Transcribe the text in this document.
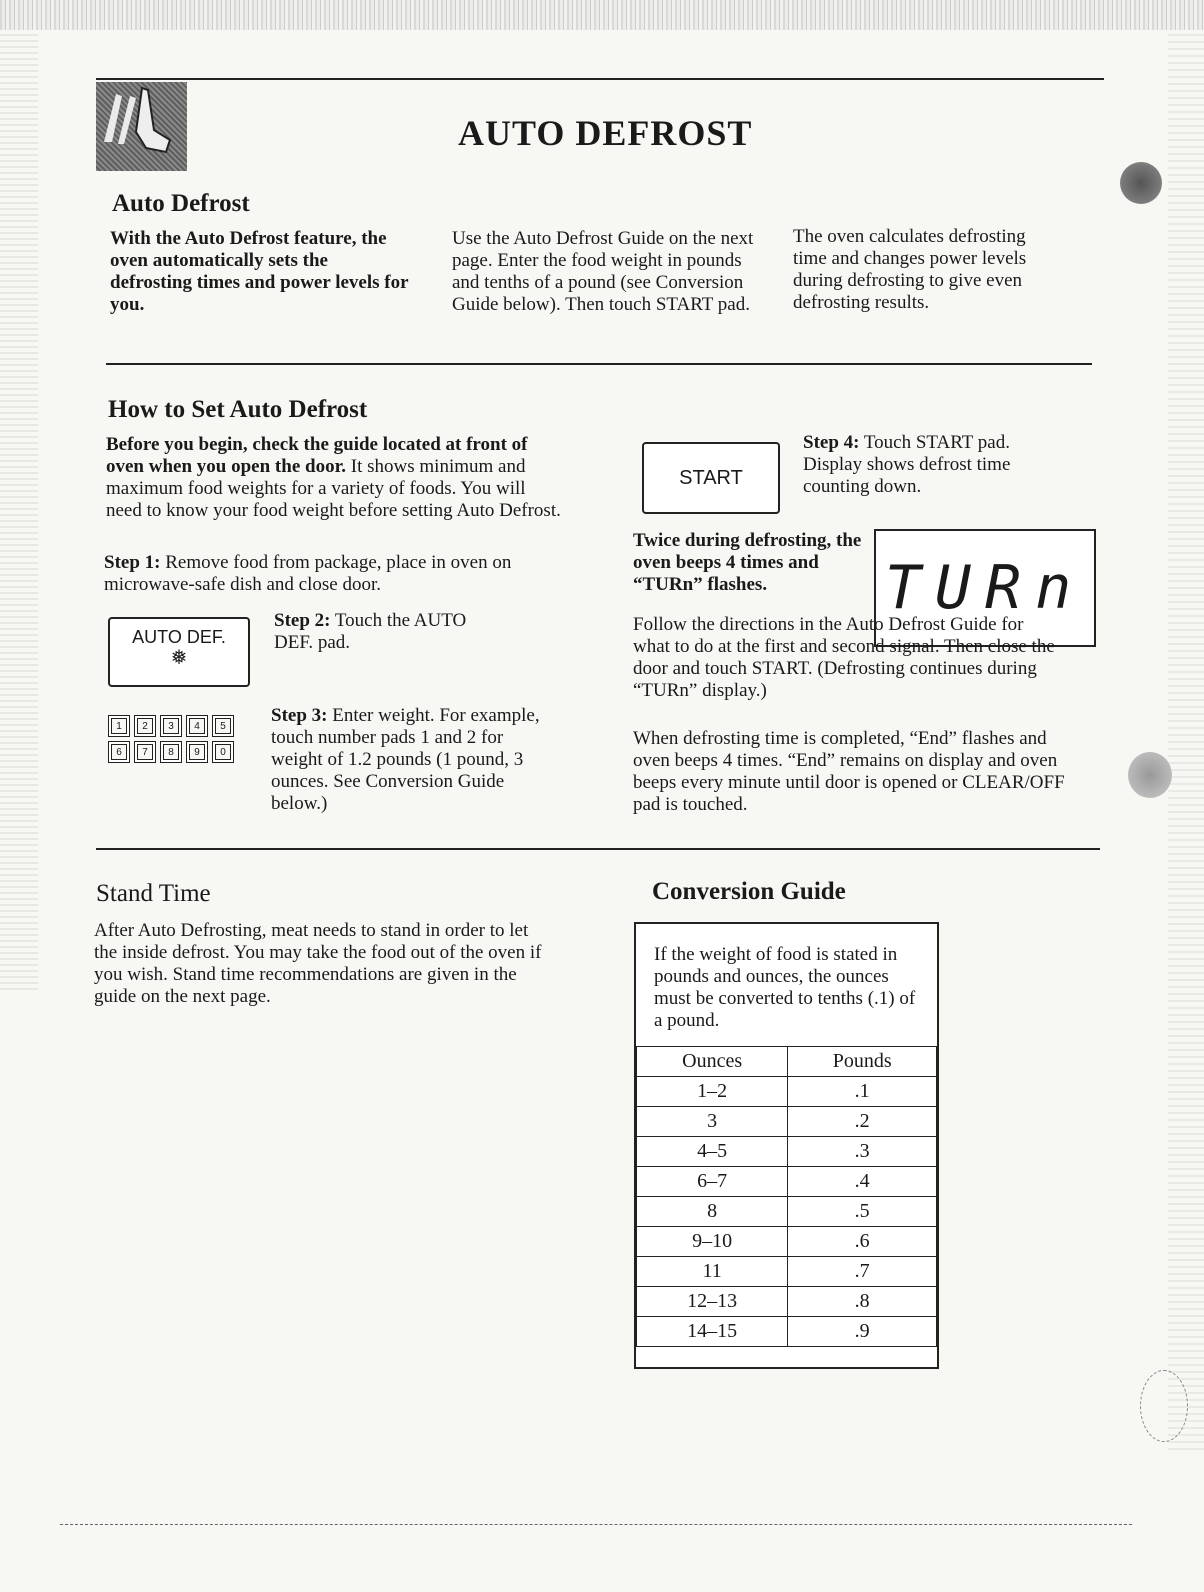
AUTO DEFROST
Auto Defrost

With the Auto Defrost feature, the oven automatically sets the defrosting times and power levels for you.

Use the Auto Defrost Guide on the next page. Enter the food weight in pounds and tenths of a pound (see Conversion Guide below). Then touch START pad.

The oven calculates defrosting time and changes power levels during defrosting to give even defrosting results.

How to Set Auto Defrost

Before you begin, check the guide located at front of oven when you open the door. It shows minimum and maximum food weights for a variety of foods. You will need to know your food weight before setting Auto Defrost.

Step 1: Remove food from package, place in oven on microwave-safe dish and close door.

AUTO DEF.
❅

Step 2: Touch the AUTO DEF. pad.

1	2	3	4	5
6	7	8	9	0

Step 3: Enter weight. For example, touch number pads 1 and 2 for weight of 1.2 pounds (1 pound, 3 ounces. See Conversion Guide below.)

START

Step 4: Touch START pad. Display shows defrost time counting down.

TURn

Twice during defrosting, the oven beeps 4 times and “TURn” flashes.

Follow the directions in the Auto Defrost Guide for what to do at the first and second signal. Then close the door and touch START. (Defrosting continues during “TURn” display.)

When defrosting time is completed, “End” flashes and oven beeps 4 times. “End” remains on display and oven beeps every minute until door is opened or CLEAR/OFF pad is touched.

Stand Time

After Auto Defrosting, meat needs to stand in order to let the inside defrost. You may take the food out of the oven if you wish. Stand time recommendations are given in the guide on the next page.

Conversion Guide

If the weight of food is stated in pounds and ounces, the ounces must be converted to tenths (.1) of a pound.

Ounces	Pounds
1–2	.1
3	.2
4–5	.3
6–7	.4
8	.5
9–10	.6
11	.7
12–13	.8
14–15	.9
